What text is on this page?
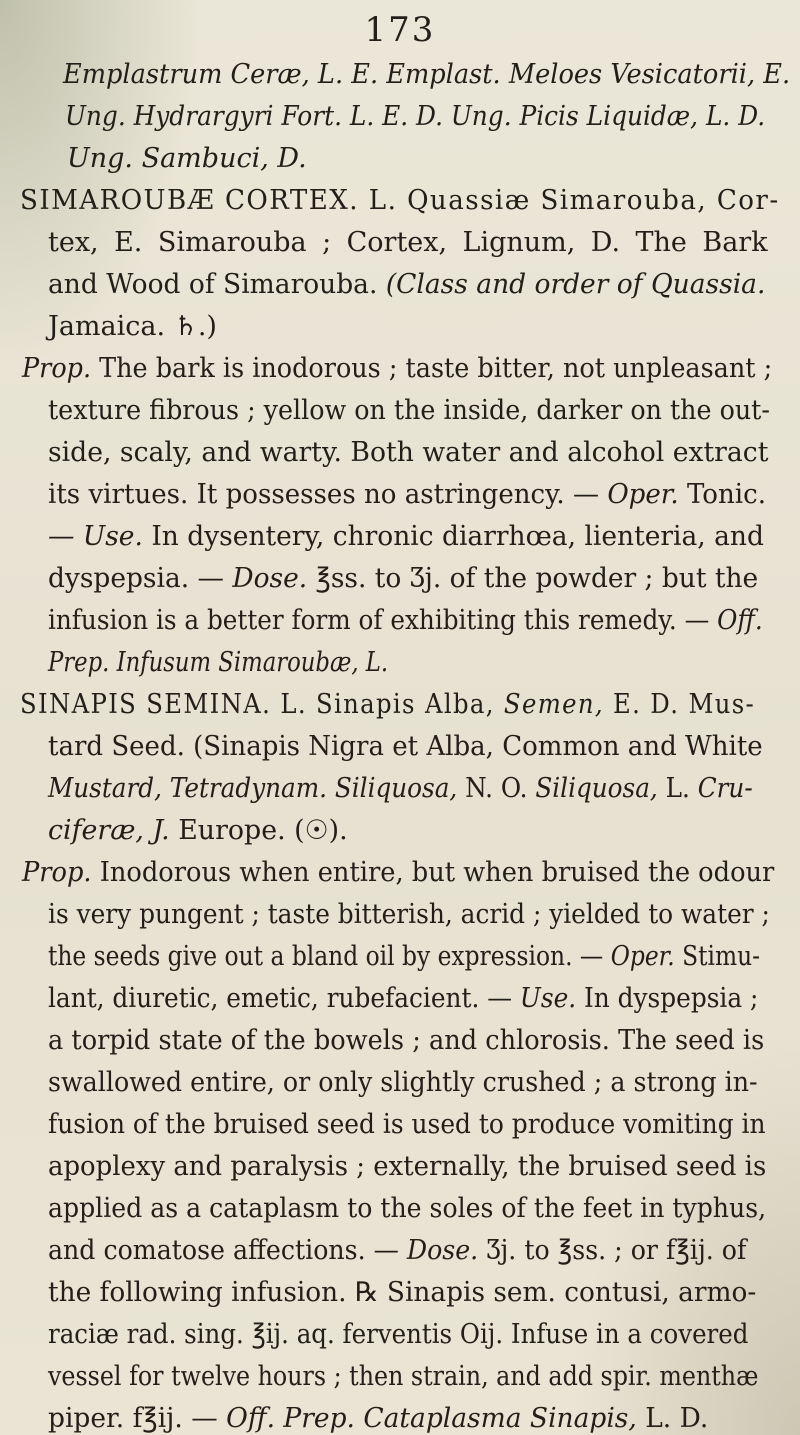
173
Emplastrum Ceræ, L. E. Emplast. Meloes Vesicatorii, E.
Ung. Hydrargyri Fort. L. E. D. Ung. Picis Liquidæ, L. D.
Ung. Sambuci, D.
SIMAROUBÆ CORTEX. L. Quassiæ Simarouba, Cor-
tex, E. Simarouba ; Cortex, Lignum, D. The Bark
and Wood of Simarouba. (Class and order of Quassia.
Jamaica. ♄.)
Prop. The bark is inodorous ; taste bitter, not unpleasant ;
texture fibrous ; yellow on the inside, darker on the out-
side, scaly, and warty. Both water and alcohol extract
its virtues. It possesses no astringency. — Oper. Tonic.
— Use. In dysentery, chronic diarrhœa, lienteria, and
dyspepsia. — Dose. ℥ss. to Ʒj. of the powder ; but the
infusion is a better form of exhibiting this remedy. — Off.
Prep. Infusum Simaroubæ, L.
SINAPIS SEMINA. L. Sinapis Alba, Semen, E. D. Mus-
tard Seed. (Sinapis Nigra et Alba, Common and White
Mustard, Tetradynam. Siliquosa, N. O. Siliquosa, L. Cru-
ciferæ, J. Europe. (☉).
Prop. Inodorous when entire, but when bruised the odour
is very pungent ; taste bitterish, acrid ; yielded to water ;
the seeds give out a bland oil by expression. — Oper. Stimu-
lant, diuretic, emetic, rubefacient. — Use. In dyspepsia ;
a torpid state of the bowels ; and chlorosis. The seed is
swallowed entire, or only slightly crushed ; a strong in-
fusion of the bruised seed is used to produce vomiting in
apoplexy and paralysis ; externally, the bruised seed is
applied as a cataplasm to the soles of the feet in typhus,
and comatose affections. — Dose. Ʒj. to ℥ss. ; or f℥ij. of
the following infusion. ℞ Sinapis sem. contusi, armo-
raciæ rad. sing. ℥ij. aq. ferventis Oij. Infuse in a covered
vessel for twelve hours ; then strain, and add spir. menthæ
piper. f℥ij. — Off. Prep. Cataplasma Sinapis, L. D.
